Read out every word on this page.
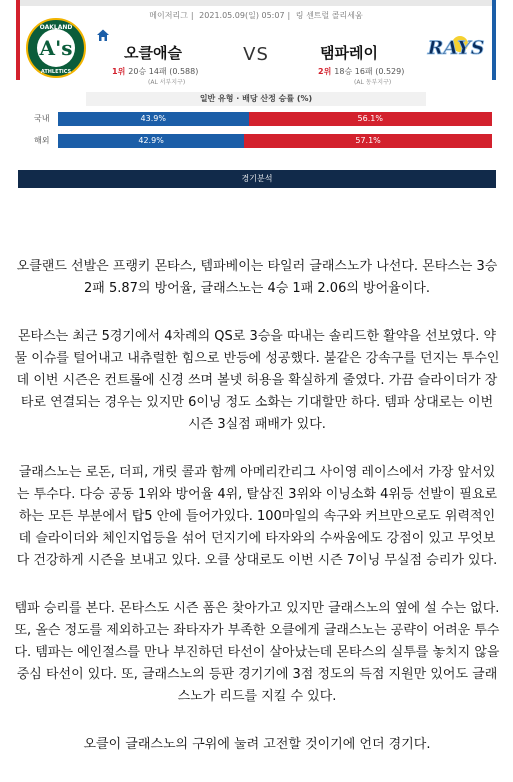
메이저리그 | 2021.05.09(일) 05:07 | 링 센트럴 콜리세움
A's
OAKLAND
ATHLETICS
오클애슬	VS	탬파레이
1위 20승 14패 (0.588)
(AL 서부지구)
2위 18승 16패 (0.529)
(AL 동부지구)
RAYS
일반 유형 · 배당 산정 승률 (%)
국내	43.9%	56.1%
해외	42.9%	57.1%
경기분석

오클랜드 선발은 프랭키 몬타스, 템파베이는 타일러 글래스노가 나선다. 몬타스는 3승 2패 5.87의 방어율, 글래스노는 4승 1패 2.06의 방어율이다.

몬타스는 최근 5경기에서 4차례의 QS로 3승을 따내는 솔리드한 활약을 선보였다. 약물 이슈를 털어내고 내츄럴한 힘으로 반등에 성공했다. 불같은 강속구를 던지는 투수인데 이번 시즌은 컨트롤에 신경 쓰며 볼넷 허용을 확실하게 줄였다. 가끔 슬라이더가 장타로 연결되는 경우는 있지만 6이닝 정도 소화는 기대할만 하다. 템파 상대로는 이번 시즌 3실점 패배가 있다.

글래스노는 로돈, 더피, 개릿 콜과 함께 아메리칸리그 사이영 레이스에서 가장 앞서있는 투수다. 다승 공동 1위와 방어율 4위, 탈삼진 3위와 이닝소화 4위등 선발이 필요로 하는 모든 부분에서 탑5 안에 들어가있다. 100마일의 속구와 커브만으로도 위력적인데 슬라이더와 체인지업등을 섞어 던지기에 타자와의 수싸움에도 강점이 있고 무엇보다 건강하게 시즌을 보내고 있다. 오클 상대로도 이번 시즌 7이닝 무실점 승리가 있다.

템파 승리를 본다. 몬타스도 시즌 폼은 찾아가고 있지만 글래스노의 옆에 설 수는 없다. 또, 올슨 정도를 제외하고는 좌타자가 부족한 오클에게 글래스노는 공략이 어려운 투수다. 템파는 에인절스를 만나 부진하던 타선이 살아났는데 몬타스의 실투를 놓치지 않을 중심 타선이 있다. 또, 글래스노의 등판 경기기에 3점 정도의 득점 지원만 있어도 글래스노가 리드를 지킬 수 있다.

오클이 글래스노의 구위에 눌려 고전할 것이기에 언더 경기다.
